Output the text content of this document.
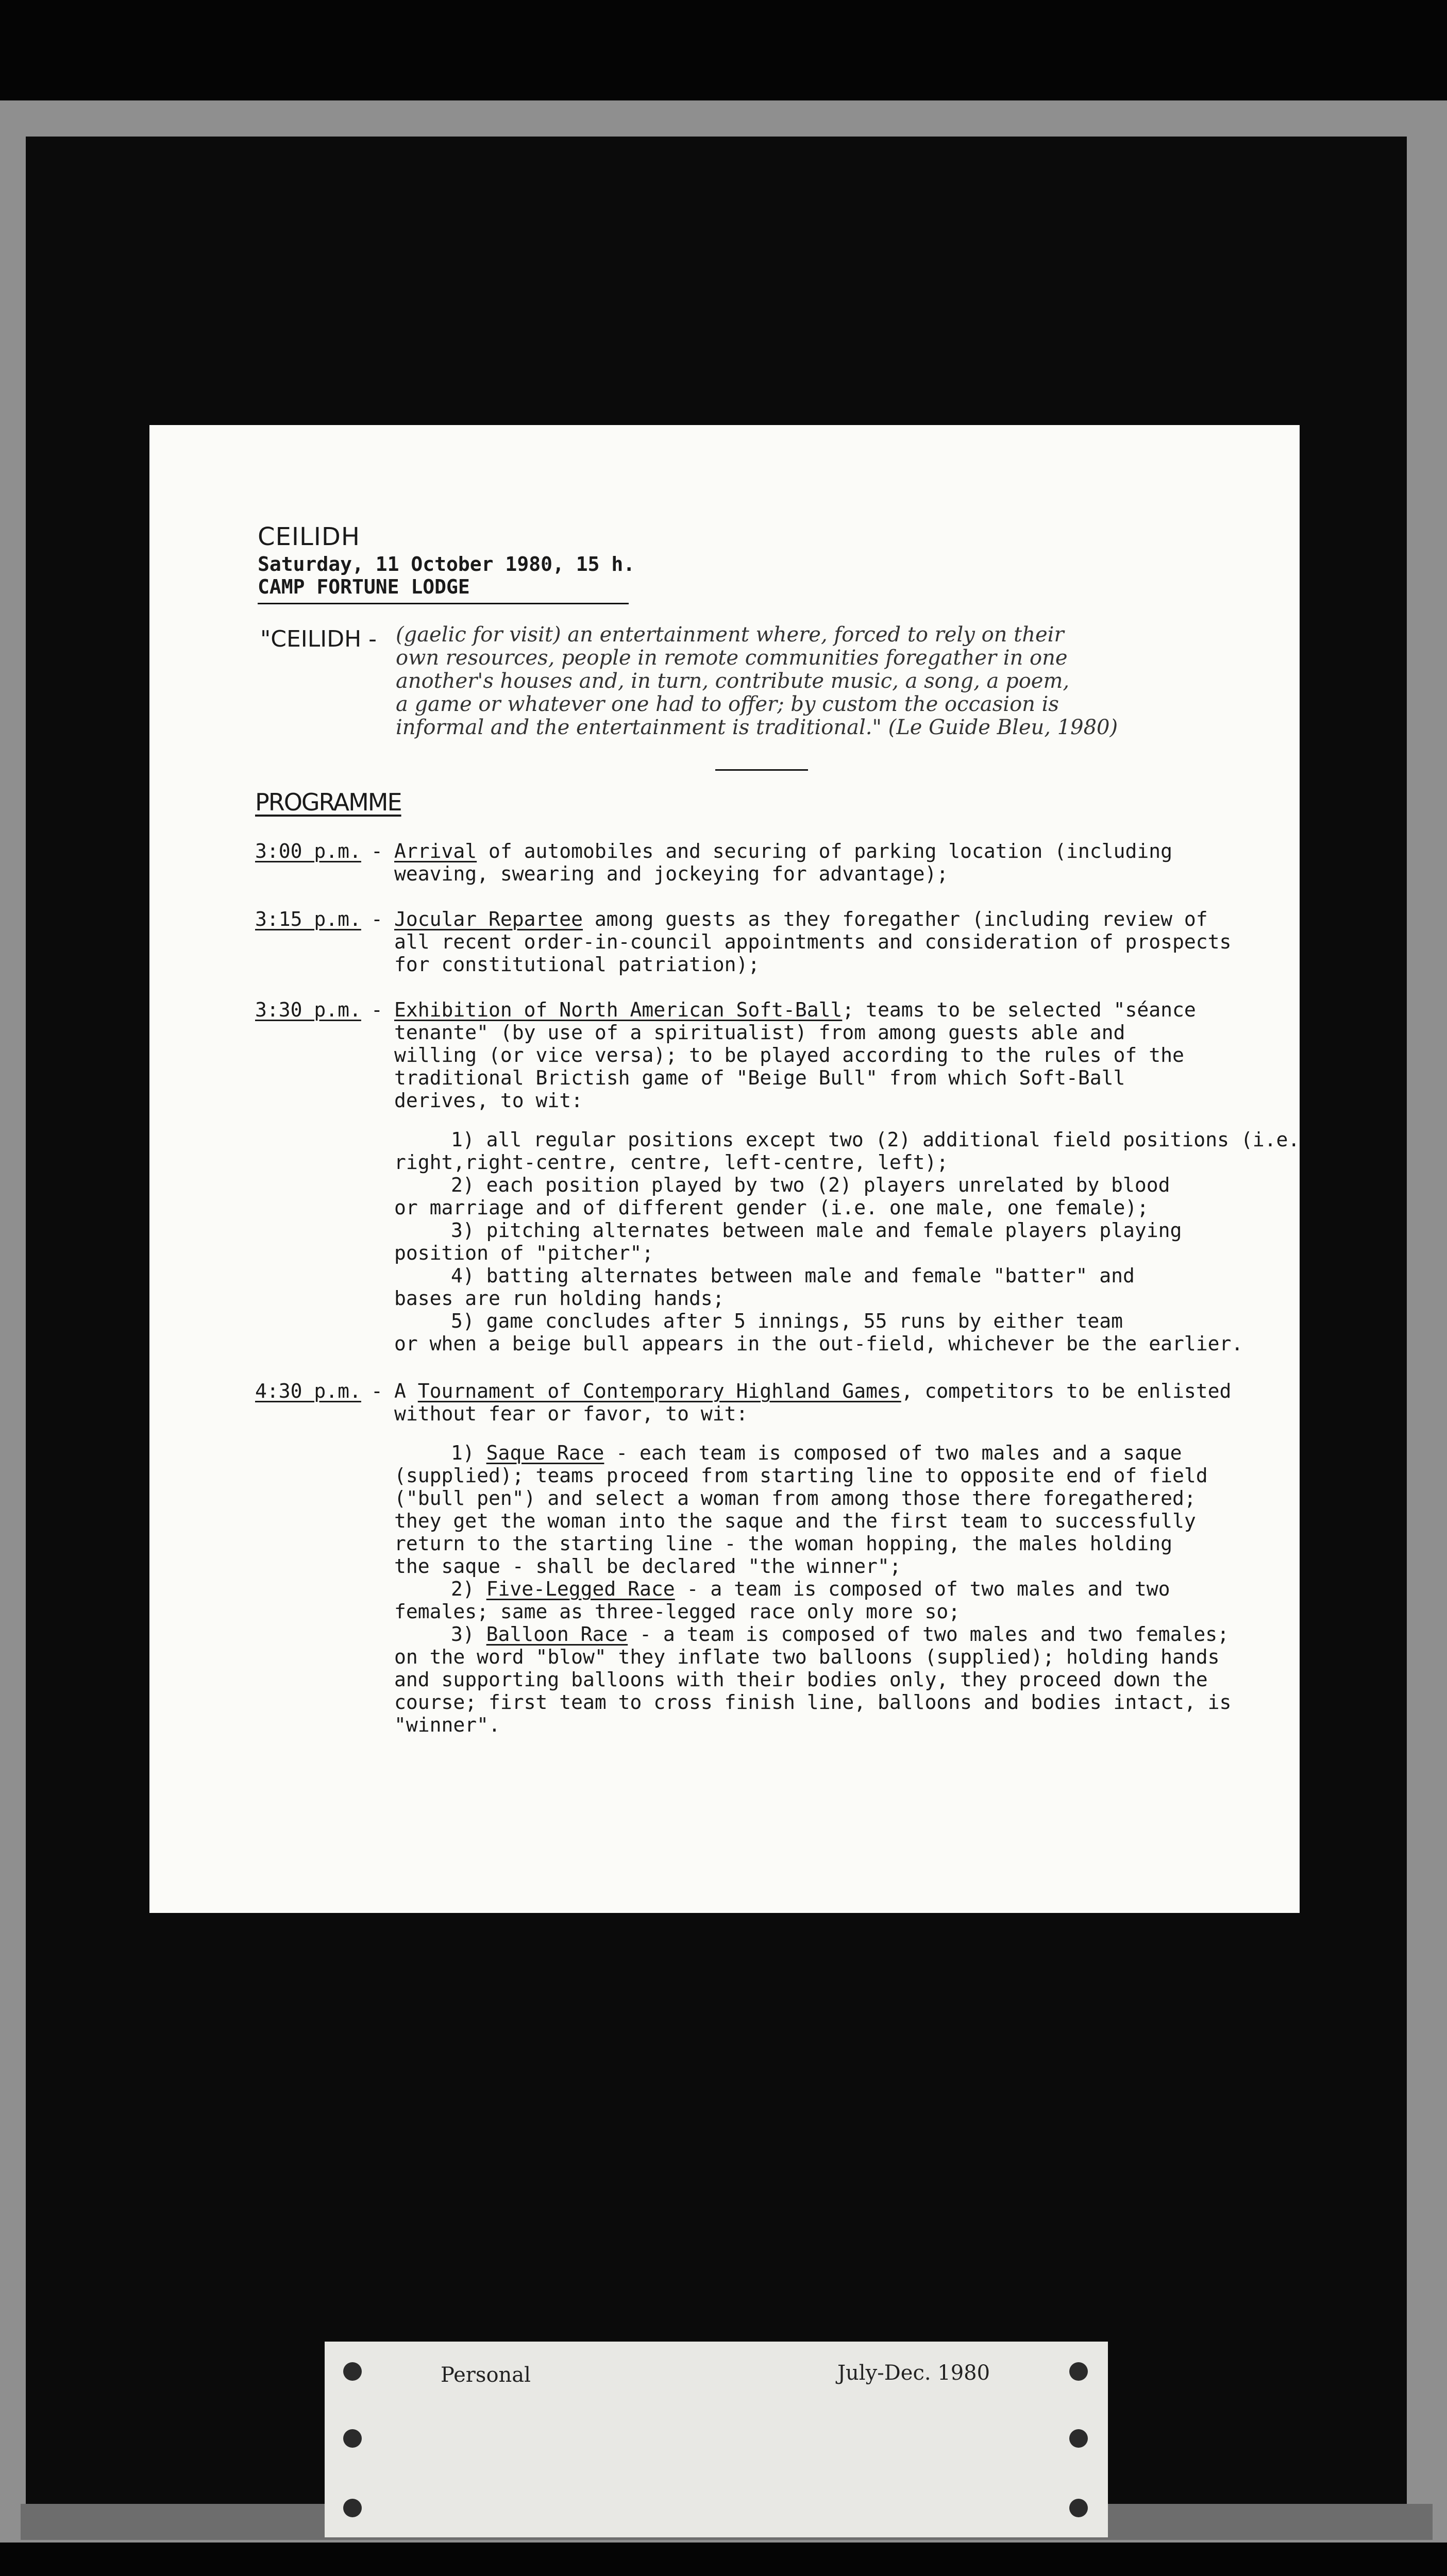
CEILIDH
Saturday, 11 October 1980, 15 h.
CAMP FORTUNE LODGE
"CEILIDH - (gaelic for visit) an entertainment where, forced to rely on their
own resources, people in remote communities foregather in one
another's houses and, in turn, contribute music, a song, a poem,
a game or whatever one had to offer; by custom the occasion is
informal and the entertainment is traditional." (Le Guide Bleu, 1980)
PROGRAMME
3:00 p.m. - Arrival of automobiles and securing of parking location (including
weaving, swearing and jockeying for advantage);
3:15 p.m. - Jocular Repartee among guests as they foregather (including review of
all recent order-in-council appointments and consideration of prospects
for constitutional patriation);
3:30 p.m. - Exhibition of North American Soft-Ball; teams to be selected "séance
tenante" (by use of a spiritualist) from among guests able and
willing (or vice versa); to be played according to the rules of the
traditional Brictish game of "Beige Bull" from which Soft-Ball
derives, to wit:
1) all regular positions except two (2) additional field positions (i.e.
right,right-centre, centre, left-centre, left);
2) each position played by two (2) players unrelated by blood
or marriage and of different gender (i.e. one male, one female);
3) pitching alternates between male and female players playing
position of "pitcher";
4) batting alternates between male and female "batter" and
bases are run holding hands;
5) game concludes after 5 innings, 55 runs by either team
or when a beige bull appears in the out-field, whichever be the earlier.
4:30 p.m. - A Tournament of Contemporary Highland Games, competitors to be enlisted
without fear or favor, to wit:
1) Saque Race - each team is composed of two males and a saque
(supplied); teams proceed from starting line to opposite end of field
("bull pen") and select a woman from among those there foregathered;
they get the woman into the saque and the first team to successfully
return to the starting line - the woman hopping, the males holding
the saque - shall be declared "the winner";
2) Five-Legged Race - a team is composed of two males and two
females; same as three-legged race only more so;
3) Balloon Race - a team is composed of two males and two females;
on the word "blow" they inflate two balloons (supplied); holding hands
and supporting balloons with their bodies only, they proceed down the
course; first team to cross finish line, balloons and bodies intact, is
"winner".
Personal	July-Dec. 1980
